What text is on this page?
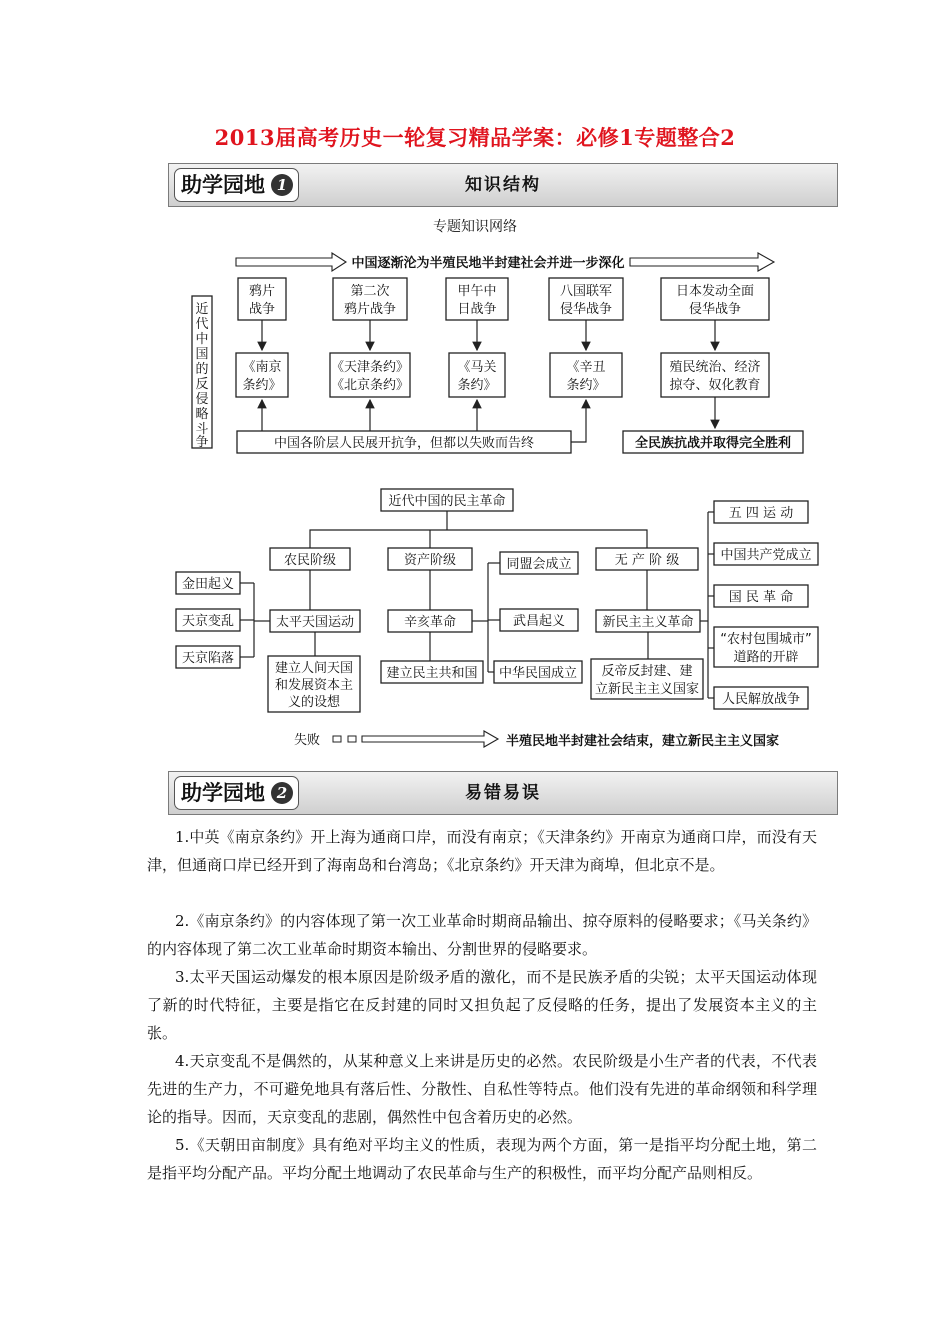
2013届高考历史一轮复习精品学案：必修1专题整合2
助学园地 1	知识结构
专题知识网络
中国逐渐沦为半殖民地半封建社会并进一步深化
近
代
中
国
的
反
侵
略
斗
争
鸦片
战争
第二次
鸦片战争
甲午中
日战争
八国联军
侵华战争
日本发动全面
侵华战争
《南京
条约》
《天津条约》
《北京条约》
《马关
条约》
《辛丑
条约》
殖民统治、经济
掠夺、奴化教育
中国各阶层人民展开抗争，但都以失败而告终	全民族抗战并取得完全胜利
近代中国的民主革命
农民阶级	资产阶级	无 产 阶 级
太平天国运动
建立人间天国
和发展资本主
义的设想
金田起义
天京变乱
天京陷落
辛亥革命
建立民主共和国
同盟会成立
武昌起义
中华民国成立
新民主主义革命
反帝反封建、建
立新民主主义国家
五 四 运 动
中国共产党成立
国 民 革 命
“农村包围城市”
道路的开辟
人民解放战争
失败	半殖民地半封建社会结束，建立新民主主义国家
助学园地 2	易错易误
1.中英《南京条约》开上海为通商口岸，而没有南京；《天津条约》开南京为通商口岸，而没有天津，但通商口岸已经开到了海南岛和台湾岛；《北京条约》开天津为商埠，但北京不是。
2.《南京条约》的内容体现了第一次工业革命时期商品输出、掠夺原料的侵略要求；《马关条约》的内容体现了第二次工业革命时期资本输出、分割世界的侵略要求。
3.太平天国运动爆发的根本原因是阶级矛盾的激化，而不是民族矛盾的尖锐；太平天国运动体现了新的时代特征，主要是指它在反封建的同时又担负起了反侵略的任务，提出了发展资本主义的主张。
4.天京变乱不是偶然的，从某种意义上来讲是历史的必然。农民阶级是小生产者的代表，不代表先进的生产力，不可避免地具有落后性、分散性、自私性等特点。他们没有先进的革命纲领和科学理论的指导。因而，天京变乱的悲剧，偶然性中包含着历史的必然。
5.《天朝田亩制度》具有绝对平均主义的性质，表现为两个方面，第一是指平均分配土地，第二是指平均分配产品。平均分配土地调动了农民革命与生产的积极性，而平均分配产品则相反。
